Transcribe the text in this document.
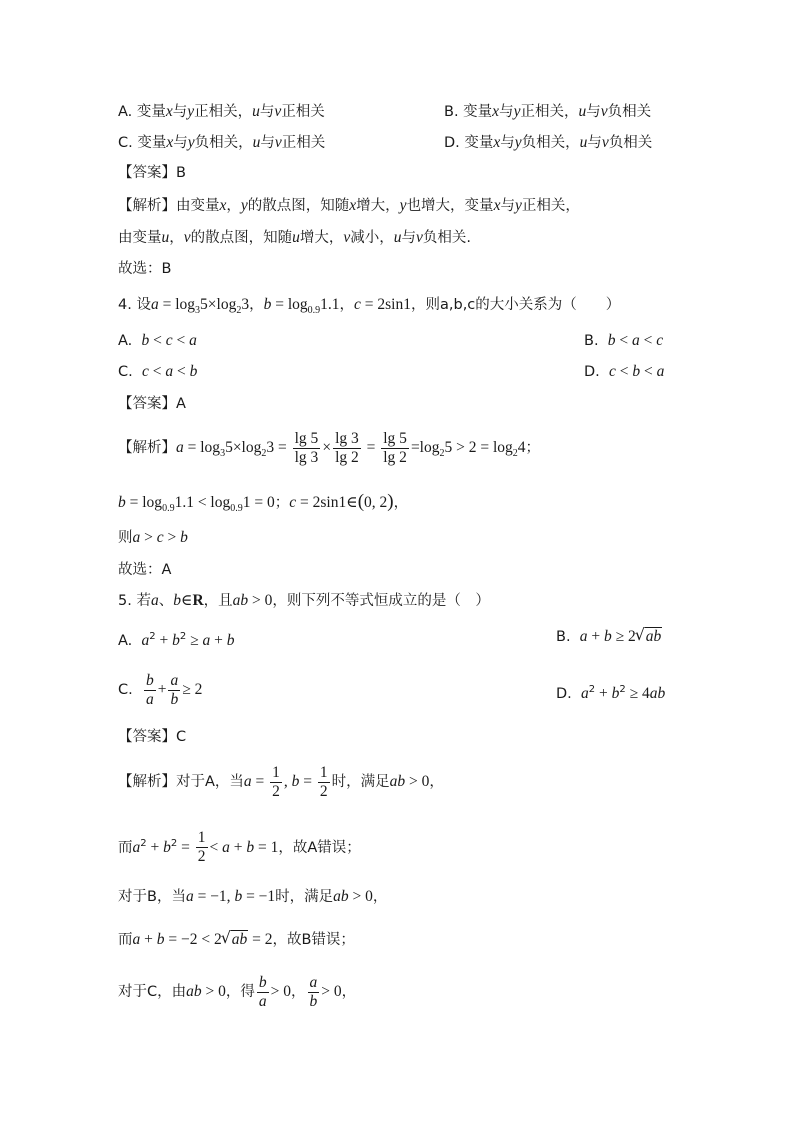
A. 变量x与y正相关，u与v正相关	B. 变量x与y正相关，u与v负相关
C. 变量x与y负相关，u与v正相关	D. 变量x与y负相关，u与v负相关
【答案】B
【解析】由变量x，y的散点图，知随x增大，y也增大，变量x与y正相关，
由变量u，v的散点图，知随u增大，v减小，u与v负相关.
故选：B
4. 设$a = \log_35\times\log_23$，$b = \log_{0.9}1.1$，c = 2sin1，则a,b,c的大小关系为（　　）
A. b < c < a	B. b < a < c
C. c < a < b	D. c < b < a
【答案】A
【解析】$a = \log_35\times\log_23 = \frac{\lg 5}{\lg 3} \times \frac{\lg 3}{\lg 2} = \frac{\lg 5}{\lg 2} =\log_25 > 2 = \log_24$；
$b = \log_{0.9}1.1 < \log_{0.9}1 = 0$；c = 2sin1∈(0, 2)，
则a > c > b
故选：A
5. 若a、b∈R，且ab > 0，则下列不等式恒成立的是（　）
A. $a^2 + b^2 \ge a + b$	B. a + b ≥ 2 √ ab
C. $\frac{b}{a} + \frac{a}{b} \ge 2$	D. $a^2 + b^2 \ge 4ab$
【答案】C
【解析】对于A，当$a = \frac{1}{2}$ , $b = \frac{1}{2}$ 时，满足ab > 0，
而$a^2 + b^2 = \frac{1}{2} < a + b = 1$，故A错误；
对于B，当a = −1, b = −1时，满足ab > 0，
而a + b = −2 < 2 √ ab = 2，故B错误；
对于C，由ab > 0，得 $\frac{b}{a} > 0$， $\frac{a}{b} > 0$，
